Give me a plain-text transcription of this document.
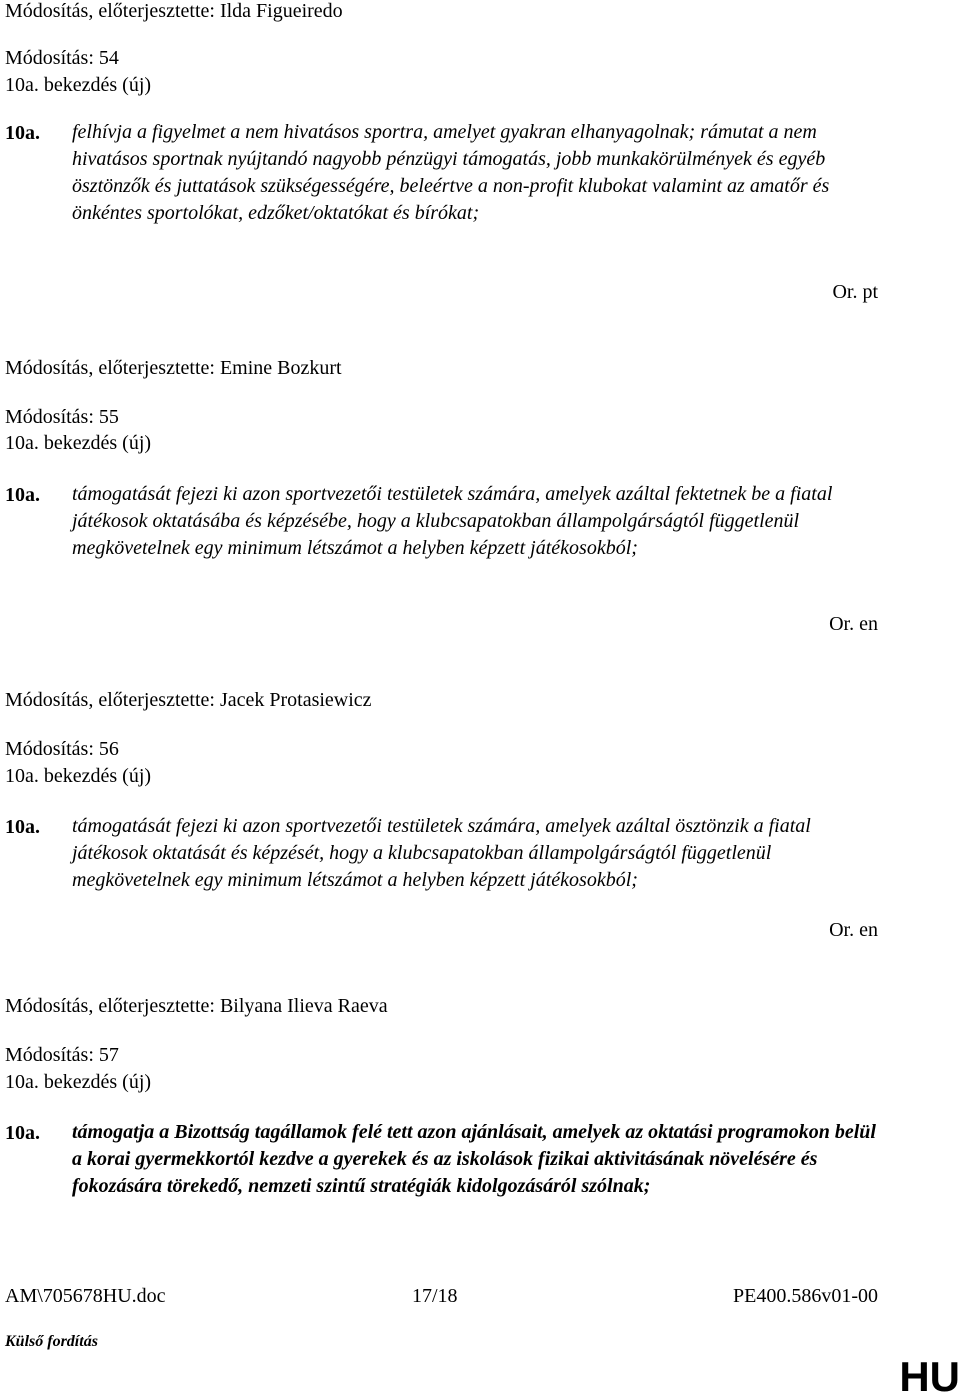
Módosítás, előterjesztette: Ilda Figueiredo
Módosítás: 54
10a. bekezdés (új)
10a. felhívja a figyelmet a nem hivatásos sportra, amelyet gyakran elhanyagolnak; rámutat a nem hivatásos sportnak nyújtandó nagyobb pénzügyi támogatás, jobb munkakörülmények és egyéb ösztönzők és juttatások szükségességére, beleértve a non-profit klubokat valamint az amatőr és önkéntes sportolókat, edzőket/oktatókat és bírókat;
Or. pt
Módosítás, előterjesztette: Emine Bozkurt
Módosítás: 55
10a. bekezdés (új)
10a. támogatását fejezi ki azon sportvezetői testületek számára, amelyek azáltal fektetnek be a fiatal játékosok oktatásába és képzésébe, hogy a klubcsapatokban állampolgárságtól függetlenül megkövetelnek egy minimum létszámot a helyben képzett játékosokból;
Or. en
Módosítás, előterjesztette: Jacek Protasiewicz
Módosítás: 56
10a. bekezdés (új)
10a. támogatását fejezi ki azon sportvezetői testületek számára, amelyek azáltal ösztönzik a fiatal játékosok oktatását és képzését, hogy a klubcsapatokban állampolgárságtól függetlenül megkövetelnek egy minimum létszámot a helyben képzett játékosokból;
Or. en
Módosítás, előterjesztette: Bilyana Ilieva Raeva
Módosítás: 57
10a. bekezdés (új)
10a. támogatja a Bizottság tagállamok felé tett azon ajánlásait, amelyek az oktatási programokon belül a korai gyermekkortól kezdve a gyerekek és az iskolások fizikai aktivitásának növelésére és fokozására törekedő, nemzeti szintű stratégiák kidolgozásáról szólnak;
AM\705678HU.doc	17/18	PE400.586v01-00
Külső fordítás
HU
